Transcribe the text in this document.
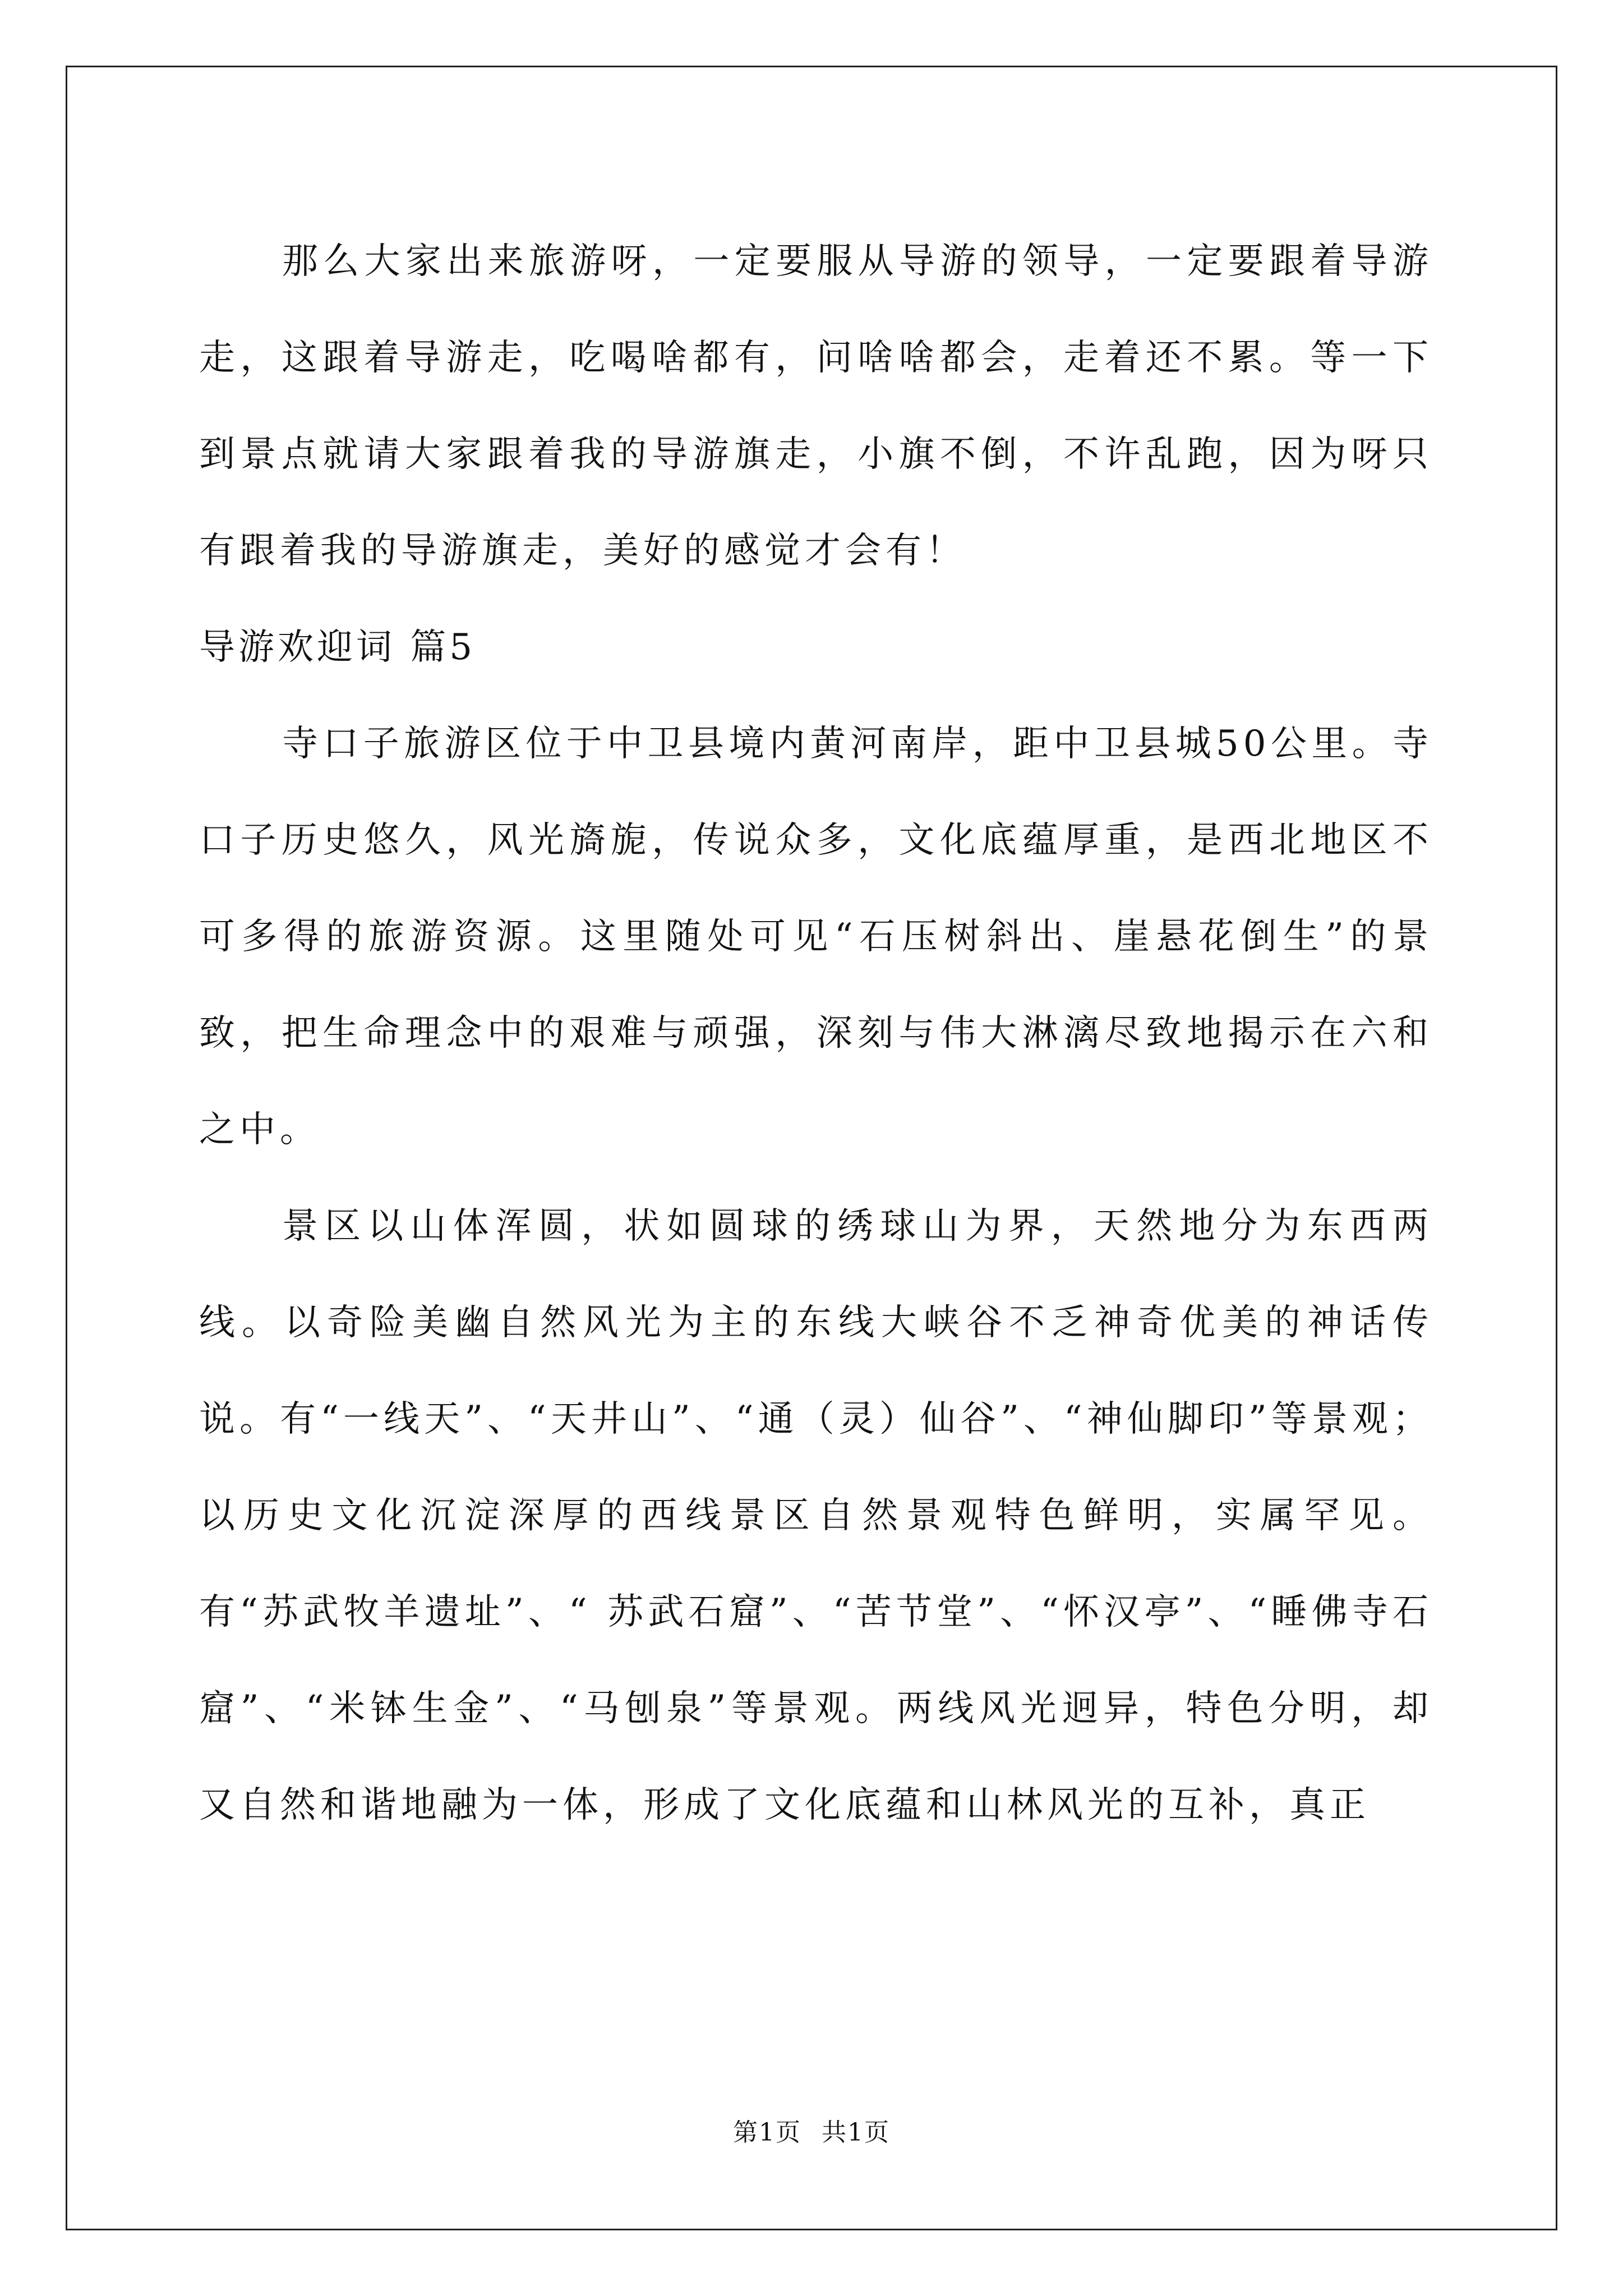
那么大家出来旅游呀，一定要服从导游的领导，一定要跟着导游走，这跟着导游走，吃喝啥都有，问啥啥都会，走着还不累。等一下到景点就请大家跟着我的导游旗走，小旗不倒，不许乱跑，因为呀只有跟着我的导游旗走，美好的感觉才会有！

导游欢迎词 篇5

寺口子旅游区位于中卫县境内黄河南岸，距中卫县城50公里。寺口子历史悠久，风光旖旎，传说众多，文化底蕴厚重，是西北地区不可多得的旅游资源。这里随处可见“石压树斜出、崖悬花倒生”的景致，把生命理念中的艰难与顽强，深刻与伟大淋漓尽致地揭示在六和之中。

景区以山体浑圆，状如圆球的绣球山为界，天然地分为东西两线。以奇险美幽自然风光为主的东线大峡谷不乏神奇优美的神话传说。有“一线天”、“天井山”、“通（灵）仙谷”、“神仙脚印”等景观；以历史文化沉淀深厚的西线景区自然景观特色鲜明，实属罕见。有“苏武牧羊遗址”、“ 苏武石窟”、“苦节堂”、“怀汉亭”、“睡佛寺石窟”、“米钵生金”、“马刨泉”等景观。两线风光迥异，特色分明，却又自然和谐地融为一体，形成了文化底蕴和山林风光的互补，真正

第1页 共1页
